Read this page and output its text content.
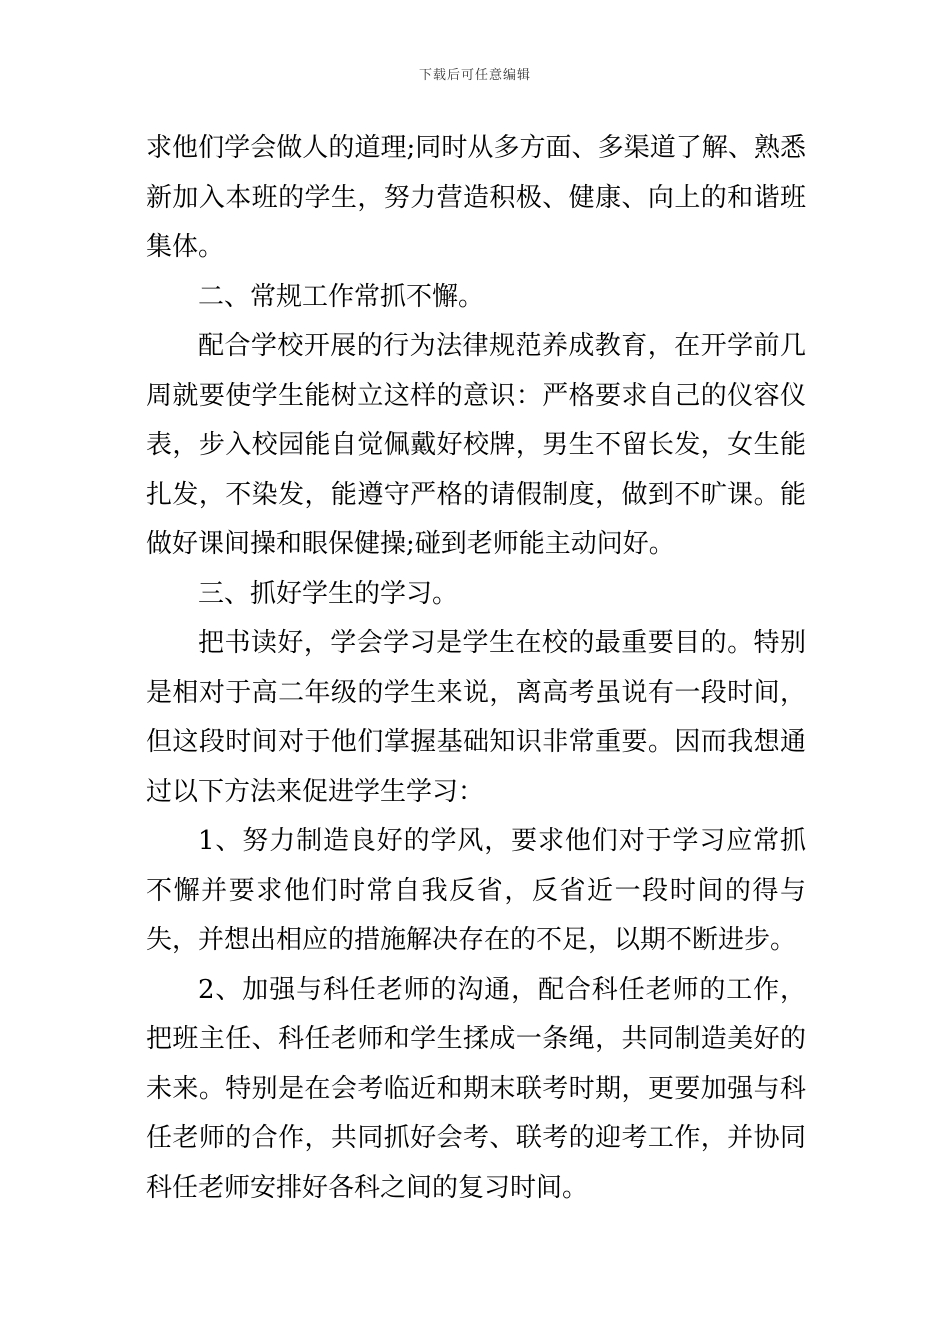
下载后可任意编辑

求他们学会做人的道理;同时从多方面、多渠道了解、熟悉新加入本班的学生，努力营造积极、健康、向上的和谐班集体。

二、常规工作常抓不懈。

配合学校开展的行为法律规范养成教育，在开学前几周就要使学生能树立这样的意识：严格要求自己的仪容仪表，步入校园能自觉佩戴好校牌，男生不留长发，女生能扎发，不染发，能遵守严格的请假制度，做到不旷课。能做好课间操和眼保健操;碰到老师能主动问好。

三、抓好学生的学习。

把书读好，学会学习是学生在校的最重要目的。特别是相对于高二年级的学生来说，离高考虽说有一段时间，但这段时间对于他们掌握基础知识非常重要。因而我想通过以下方法来促进学生学习：

1、努力制造良好的学风，要求他们对于学习应常抓不懈并要求他们时常自我反省，反省近一段时间的得与失，并想出相应的措施解决存在的不足，以期不断进步。

2、加强与科任老师的沟通，配合科任老师的工作，把班主任、科任老师和学生揉成一条绳，共同制造美好的未来。特别是在会考临近和期末联考时期，更要加强与科任老师的合作，共同抓好会考、联考的迎考工作，并协同科任老师安排好各科之间的复习时间。
